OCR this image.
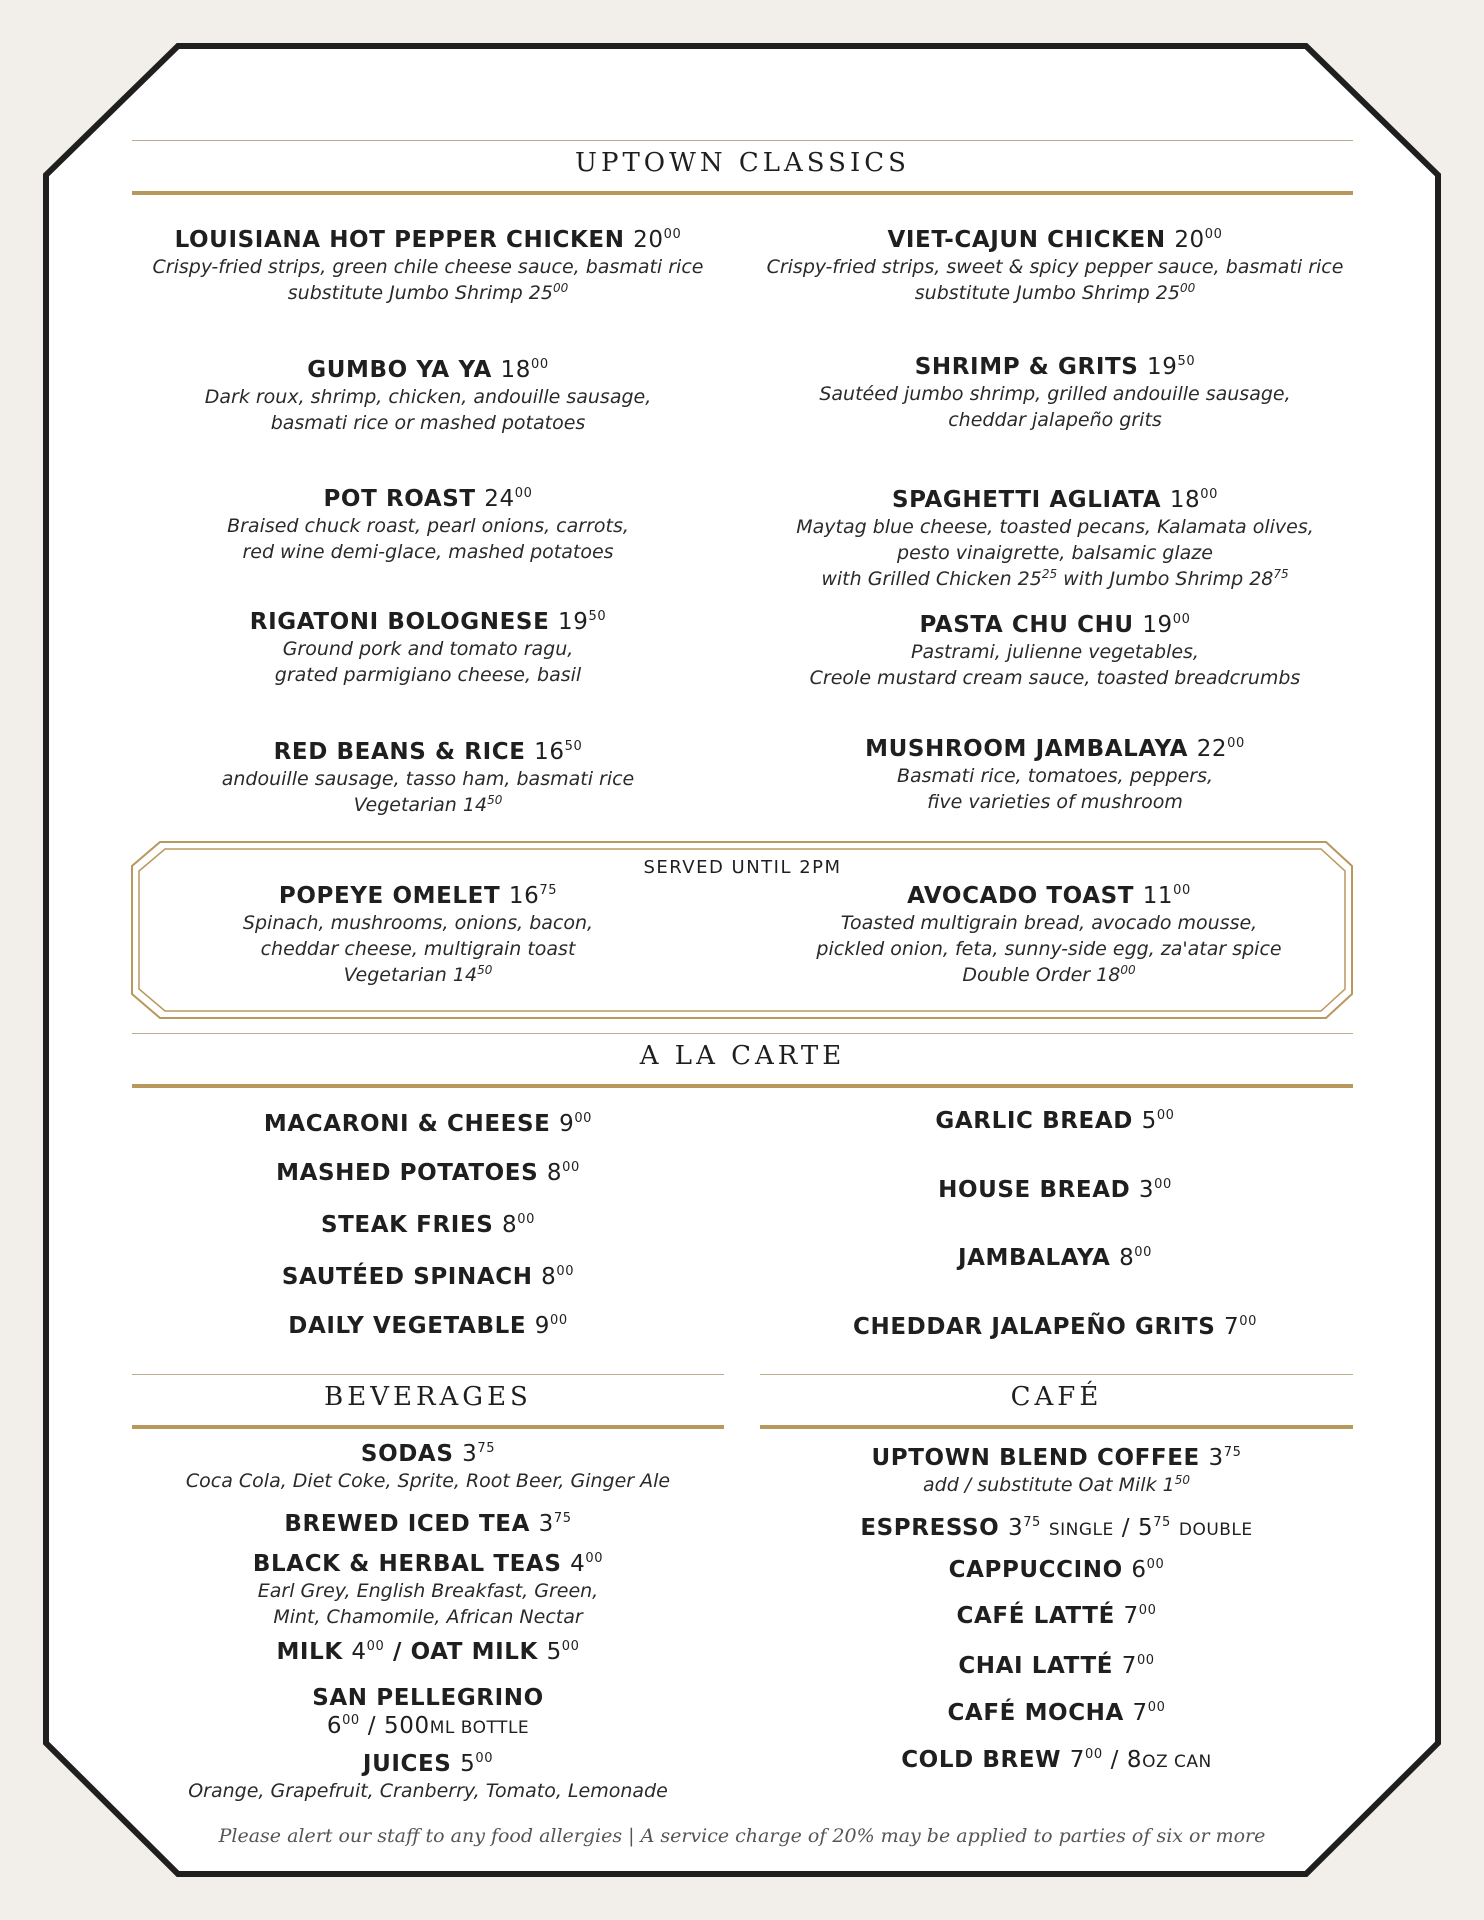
UPTOWN CLASSICS
LOUISIANA HOT PEPPER CHICKEN $20^{00}$
Crispy-fried strips, green chile cheese sauce, basmati rice
substitute Jumbo Shrimp $25^{00}$
GUMBO YA YA $18^{00}$
Dark roux, shrimp, chicken, andouille sausage,
basmati rice or mashed potatoes
POT ROAST $24^{00}$
Braised chuck roast, pearl onions, carrots,
red wine demi-glace, mashed potatoes
RIGATONI BOLOGNESE $19^{50}$
Ground pork and tomato ragu,
grated parmigiano cheese, basil
RED BEANS & RICE $16^{50}$
andouille sausage, tasso ham, basmati rice
Vegetarian $14^{50}$
VIET-CAJUN CHICKEN $20^{00}$
Crispy-fried strips, sweet & spicy pepper sauce, basmati rice
substitute Jumbo Shrimp $25^{00}$
SHRIMP & GRITS $19^{50}$
Sautéed jumbo shrimp, grilled andouille sausage,
cheddar jalapeño grits
SPAGHETTI AGLIATA $18^{00}$
Maytag blue cheese, toasted pecans, Kalamata olives,
pesto vinaigrette, balsamic glaze
with Grilled Chicken $25^{25}$ with Jumbo Shrimp $28^{75}$
PASTA CHU CHU $19^{00}$
Pastrami, julienne vegetables,
Creole mustard cream sauce, toasted breadcrumbs
MUSHROOM JAMBALAYA $22^{00}$
Basmati rice, tomatoes, peppers,
five varieties of mushroom
SERVED UNTIL 2PM
POPEYE OMELET $16^{75}$
Spinach, mushrooms, onions, bacon,
cheddar cheese, multigrain toast
Vegetarian $14^{50}$
AVOCADO TOAST $11^{00}$
Toasted multigrain bread, avocado mousse,
pickled onion, feta, sunny-side egg, za'atar spice
Double Order $18^{00}$
A LA CARTE
MACARONI & CHEESE $9^{00}$
MASHED POTATOES $8^{00}$
STEAK FRIES $8^{00}$
SAUTÉED SPINACH $8^{00}$
DAILY VEGETABLE $9^{00}$
GARLIC BREAD $5^{00}$
HOUSE BREAD $3^{00}$
JAMBALAYA $8^{00}$
CHEDDAR JALAPEÑO GRITS $7^{00}$
BEVERAGES
SODAS $3^{75}$
Coca Cola, Diet Coke, Sprite, Root Beer, Ginger Ale
BREWED ICED TEA $3^{75}$
BLACK & HERBAL TEAS $4^{00}$
Earl Grey, English Breakfast, Green,
Mint, Chamomile, African Nectar
MILK $4^{00}$ / OAT MILK $5^{00}$
SAN PELLEGRINO
$6^{00} / 500ML$ BOTTLE
JUICES $5^{00}$
Orange, Grapefruit, Cranberry, Tomato, Lemonade
CAFÉ
UPTOWN BLEND COFFEE $3^{75}$
add / substitute Oat Milk $1^{50}$
ESPRESSO $3^{75}$ SINGLE / $5^{75}$ DOUBLE
CAPPUCCINO $6^{00}$
CAFÉ LATTÉ $7^{00}$
CHAI LATTÉ $7^{00}$
CAFÉ MOCHA $7^{00}$
COLD BREW $7^{00} / 8OZ$ CAN
Please alert our staff to any food allergies | A service charge of 20% may be applied to parties of six or more
